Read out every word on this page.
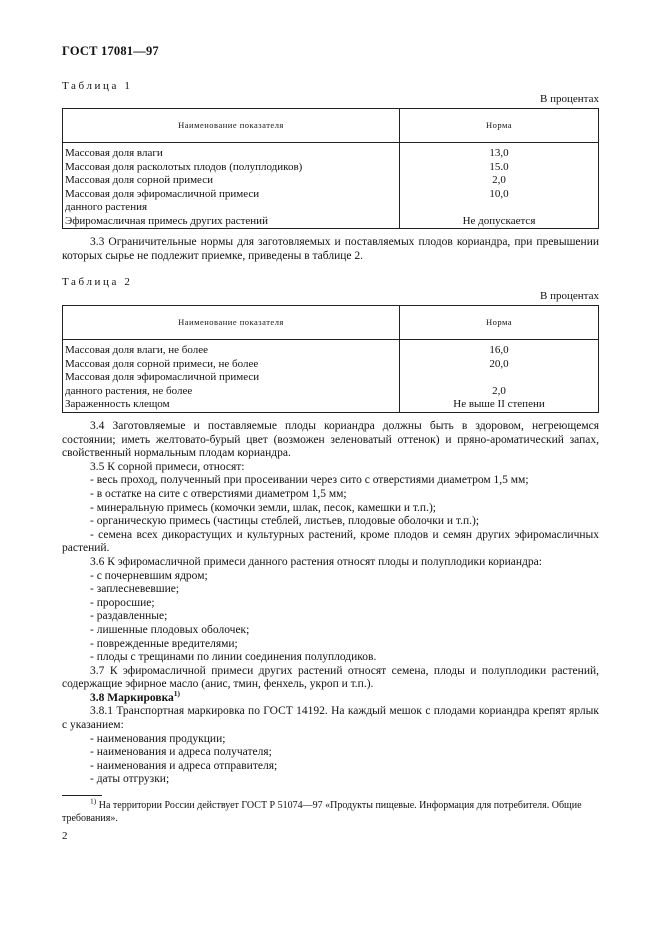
ГОСТ 17081—97
Таблица 1
В процентах
Наименование показателя	Норма
Массовая доля влаги	13,0
Массовая доля расколотых плодов (полуплодиков)	15.0
Массовая доля сорной примеси	2,0
Массовая доля эфиромасличной примеси	10,0
данного растения	
Эфиромасличная примесь других растений	Не допускается

3.3 Ограничительные нормы для заготовляемых и поставляемых плодов кориандра, при превышении которых сырье не подлежит приемке, приведены в таблице 2.

Таблица 2
В процентах
Наименование показателя	Норма
Массовая доля влаги, не более	16,0
Массовая доля сорной примеси, не более	20,0
Массовая доля эфиромасличной примеси	
данного растения, не более	2,0
Зараженность клещом	Не выше II степени

3.4 Заготовляемые и поставляемые плоды кориандра должны быть в здоровом, негреющемся состоянии; иметь желтовато-бурый цвет (возможен зеленоватый оттенок) и пряно-ароматический запах, свойственный нормальным плодам кориандра.

3.5 К сорной примеси, относят:

- весь проход, полученный при просеивании через сито с отверстиями диаметром 1,5 мм;

- в остатке на сите с отверстиями диаметром 1,5 мм;

- минеральную примесь (комочки земли, шлак, песок, камешки и т.п.);

- органическую примесь (частицы стеблей, листьев, плодовые оболочки и т.п.);

- семена всех дикорастущих и культурных растений, кроме плодов и семян других эфиромасличных растений.

3.6 К эфиромасличной примеси данного растения относят плоды и полуплодики кориандра:

- с почерневшим ядром;

- заплесневевшие;

- проросшие;

- раздавленные;

- лишенные плодовых оболочек;

- поврежденные вредителями;

- плоды с трещинами по линии соединения полуплодиков.

3.7 К эфиромасличной примеси других растений относят семена, плоды и полуплодики растений, содержащие эфирное масло (анис, тмин, фенхель, укроп и т.п.).

3.8 Маркировка$^{1)}$

3.8.1 Транспортная маркировка по ГОСТ 14192. На каждый мешок с плодами кориандра крепят ярлык с указанием:

- наименования продукции;

- наименования и адреса получателя;

- наименования и адреса отправителя;

- даты отгрузки;

$^{1)}$ На территории России действует ГОСТ Р 51074—97 «Продукты пищевые. Информация для потребителя. Общие требования».
2
